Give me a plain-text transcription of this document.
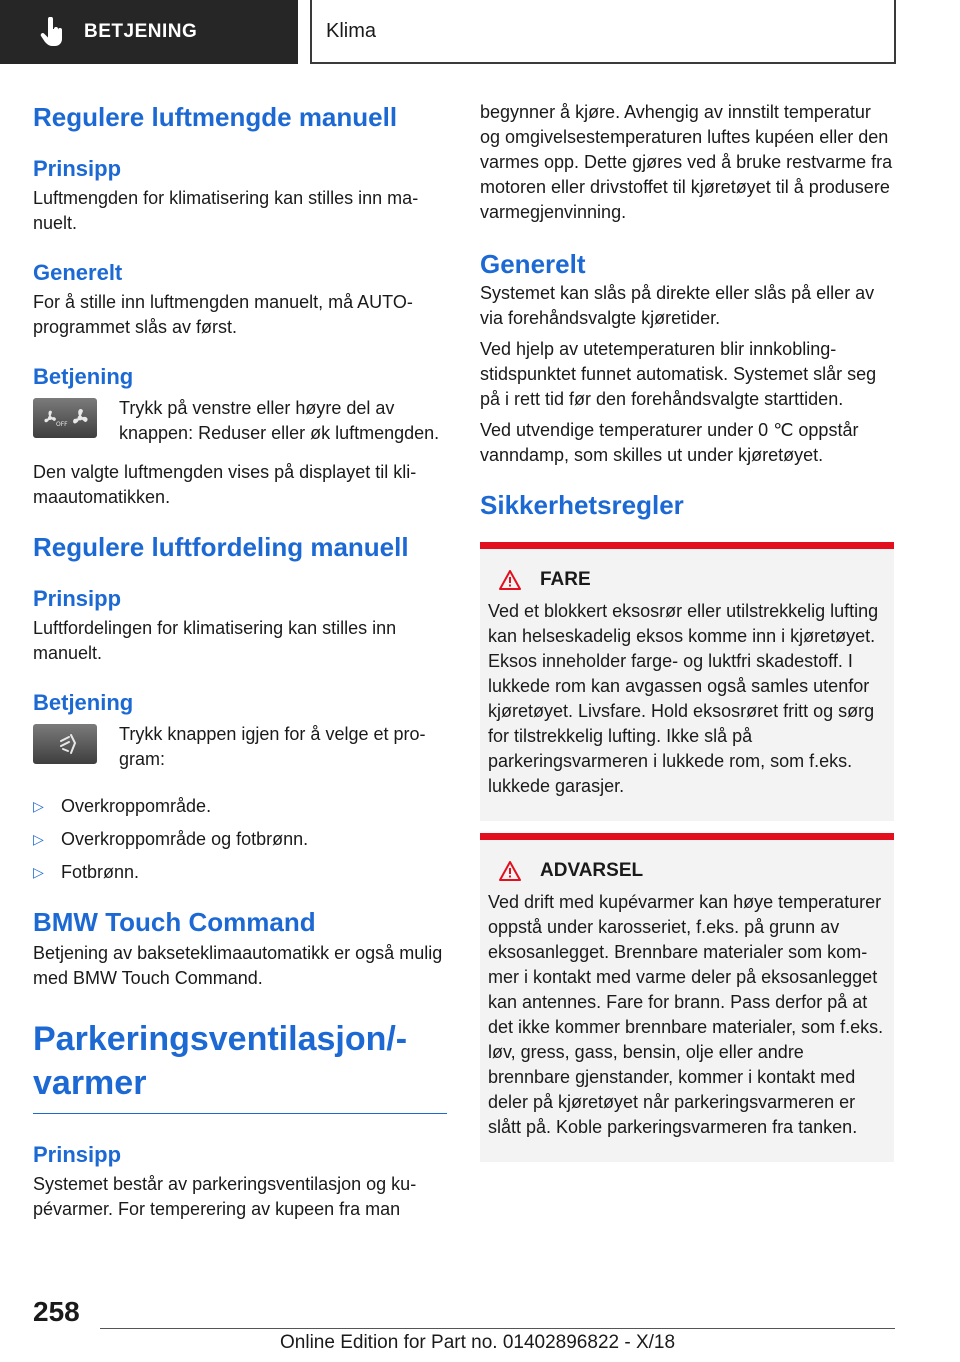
BETJENING	Klima
Regulere luftmengde manuell
Prinsipp

Luftmengden for klimatisering kan stilles inn manuelt.

Generelt

For å stille inn luftmengden manuelt, må AUTO-programmet slås av først.

Betjening
OFF

Trykk på venstre eller høyre del av knappen: Reduser eller øk luftmengden.

Den valgte luftmengden vises på displayet til klimaautomatikken.

Regulere luftfordeling manuell
Prinsipp

Luftfordelingen for klimatisering kan stilles inn manuelt.

Betjening

Trykk knappen igjen for å velge et program:

▷ Overkroppområde.
▷ Overkroppområde og fotbrønn.
▷ Fotbrønn.
BMW Touch Command

Betjening av bakseteklimaautomatikk er også mulig med BMW Touch Command.

Parkeringsventilasjon/-varmer
Prinsipp

Systemet består av parkeringsventilasjon og kupévarmer. For temperering av kupeen fra man

begynner å kjøre. Avhengig av innstilt temperatur og omgivelsestemperaturen luftes kupéen eller den varmes opp. Dette gjøres ved å bruke restvarme fra motoren eller drivstoffet til kjøretøyet til å produsere varmegjenvinning.

Generelt

Systemet kan slås på direkte eller slås på eller av via forehåndsvalgte kjøretider.

Ved hjelp av utetemperaturen blir innkoblingstidspunktet funnet automatisk. Systemet slår seg på i rett tid før den forehåndsvalgte starttiden.

Ved utvendige temperaturer under 0 ℃ oppstår vanndamp, som skilles ut under kjøretøyet.

Sikkerhetsregler
FARE

Ved et blokkert eksosrør eller utilstrekkelig lufting kan helseskadelig eksos komme inn i kjøretøyet. Eksos inneholder farge- og luktfri skadestoff. I lukkede rom kan avgassen også samles utenfor kjøretøyet. Livsfare. Hold eksosrøret fritt og sørg for tilstrekkelig lufting. Ikke slå på parkeringsvarmeren i lukkede rom, som f.eks. lukkede garasjer.

ADVARSEL

Ved drift med kupévarmer kan høye temperaturer oppstå under karosseriet, f.eks. på grunn av eksosanlegget. Brennbare materialer som kommer i kontakt med varme deler på eksosanlegget kan antennes. Fare for brann. Pass derfor på at det ikke kommer brennbare materialer, som f.eks. løv, gress, gass, bensin, olje eller andre brennbare gjenstander, kommer i kontakt med deler på kjøretøyet når parkeringsvarmeren er slått på. Koble parkeringsvarmeren fra tanken.

258
Online Edition for Part no. 01402896822 - X/18
